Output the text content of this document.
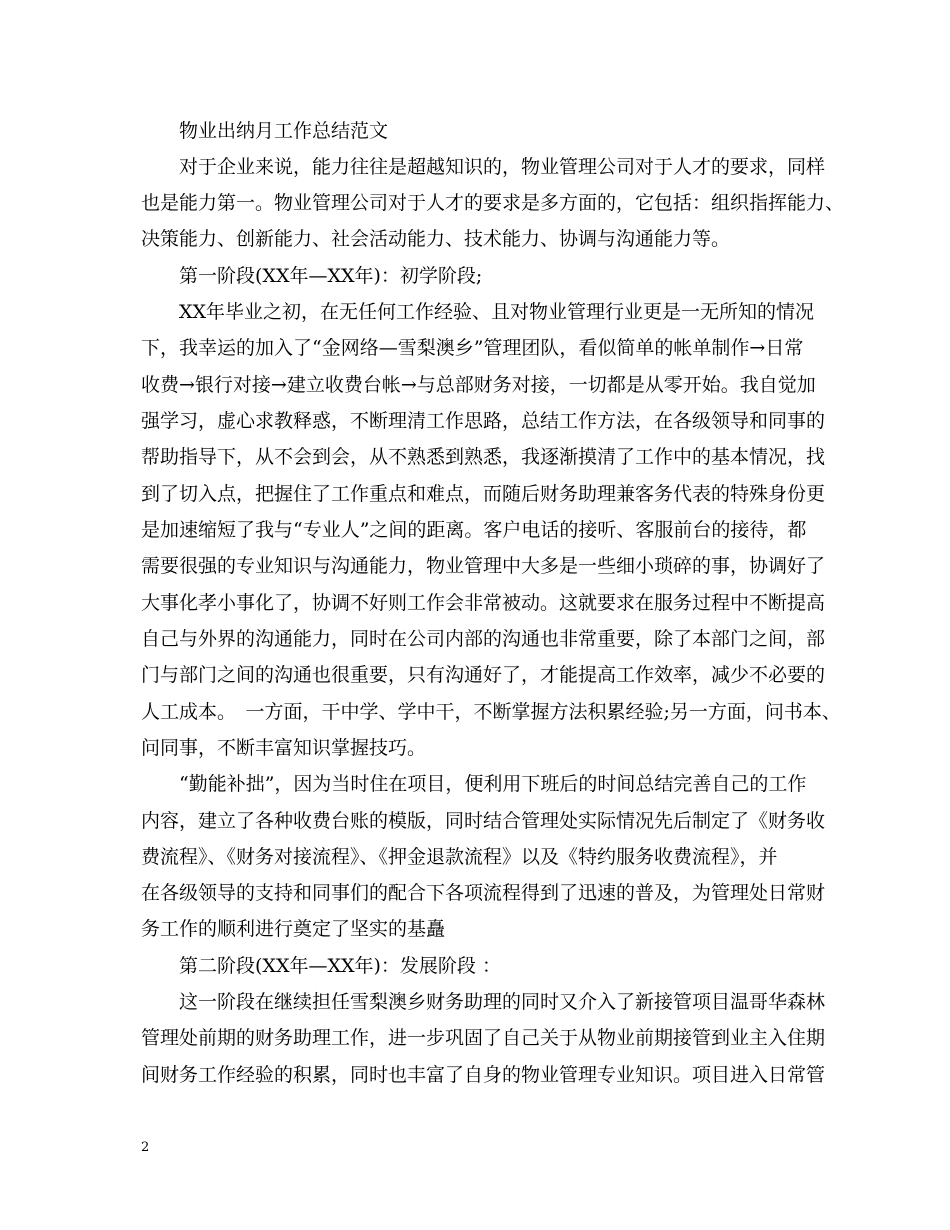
　　物业出纳月工作总结范文

　　对于企业来说，能力往往是超越知识的，物业管理公司对于人才的要求，同样

也是能力第一。物业管理公司对于人才的要求是多方面的，它包括：组织指挥能力、

决策能力、创新能力、社会活动能力、技术能力、协调与沟通能力等。

　　第一阶段(XX年—XX年)：初学阶段;

　　XX年毕业之初，在无任何工作经验、且对物业管理行业更是一无所知的情况

下，我幸运的加入了“金网络—雪梨澳乡”管理团队，看似简单的帐单制作→日常

收费→银行对接→建立收费台帐→与总部财务对接，一切都是从零开始。我自觉加

强学习，虚心求教释惑，不断理清工作思路，总结工作方法，在各级领导和同事的

帮助指导下，从不会到会，从不熟悉到熟悉，我逐渐摸清了工作中的基本情况，找

到了切入点，把握住了工作重点和难点，而随后财务助理兼客务代表的特殊身份更

是加速缩短了我与“专业人”之间的距离。客户电话的接听、客服前台的接待，都

需要很强的专业知识与沟通能力，物业管理中大多是一些细小琐碎的事，协调好了

大事化孝小事化了，协调不好则工作会非常被动。这就要求在服务过程中不断提高

自己与外界的沟通能力，同时在公司内部的沟通也非常重要，除了本部门之间，部

门与部门之间的沟通也很重要，只有沟通好了，才能提高工作效率，减少不必要的

人工成本。　一方面，干中学、学中干，不断掌握方法积累经验;另一方面，问书本、

问同事，不断丰富知识掌握技巧。

　　“勤能补拙”，因为当时住在项目，便利用下班后的时间总结完善自己的工作

内容，建立了各种收费台账的模版，同时结合管理处实际情况先后制定了《财务收

费流程》、《财务对接流程》、《押金退款流程》以及《特约服务收费流程》，并

在各级领导的支持和同事们的配合下各项流程得到了迅速的普及，为管理处日常财

务工作的顺利进行奠定了坚实的基矗

　　第二阶段(XX年—XX年)：发展阶段 ：

　　这一阶段在继续担任雪梨澳乡财务助理的同时又介入了新接管项目温哥华森林

管理处前期的财务助理工作，进一步巩固了自己关于从物业前期接管到业主入住期

间财务工作经验的积累，同时也丰富了自身的物业管理专业知识。项目进入日常管

2
